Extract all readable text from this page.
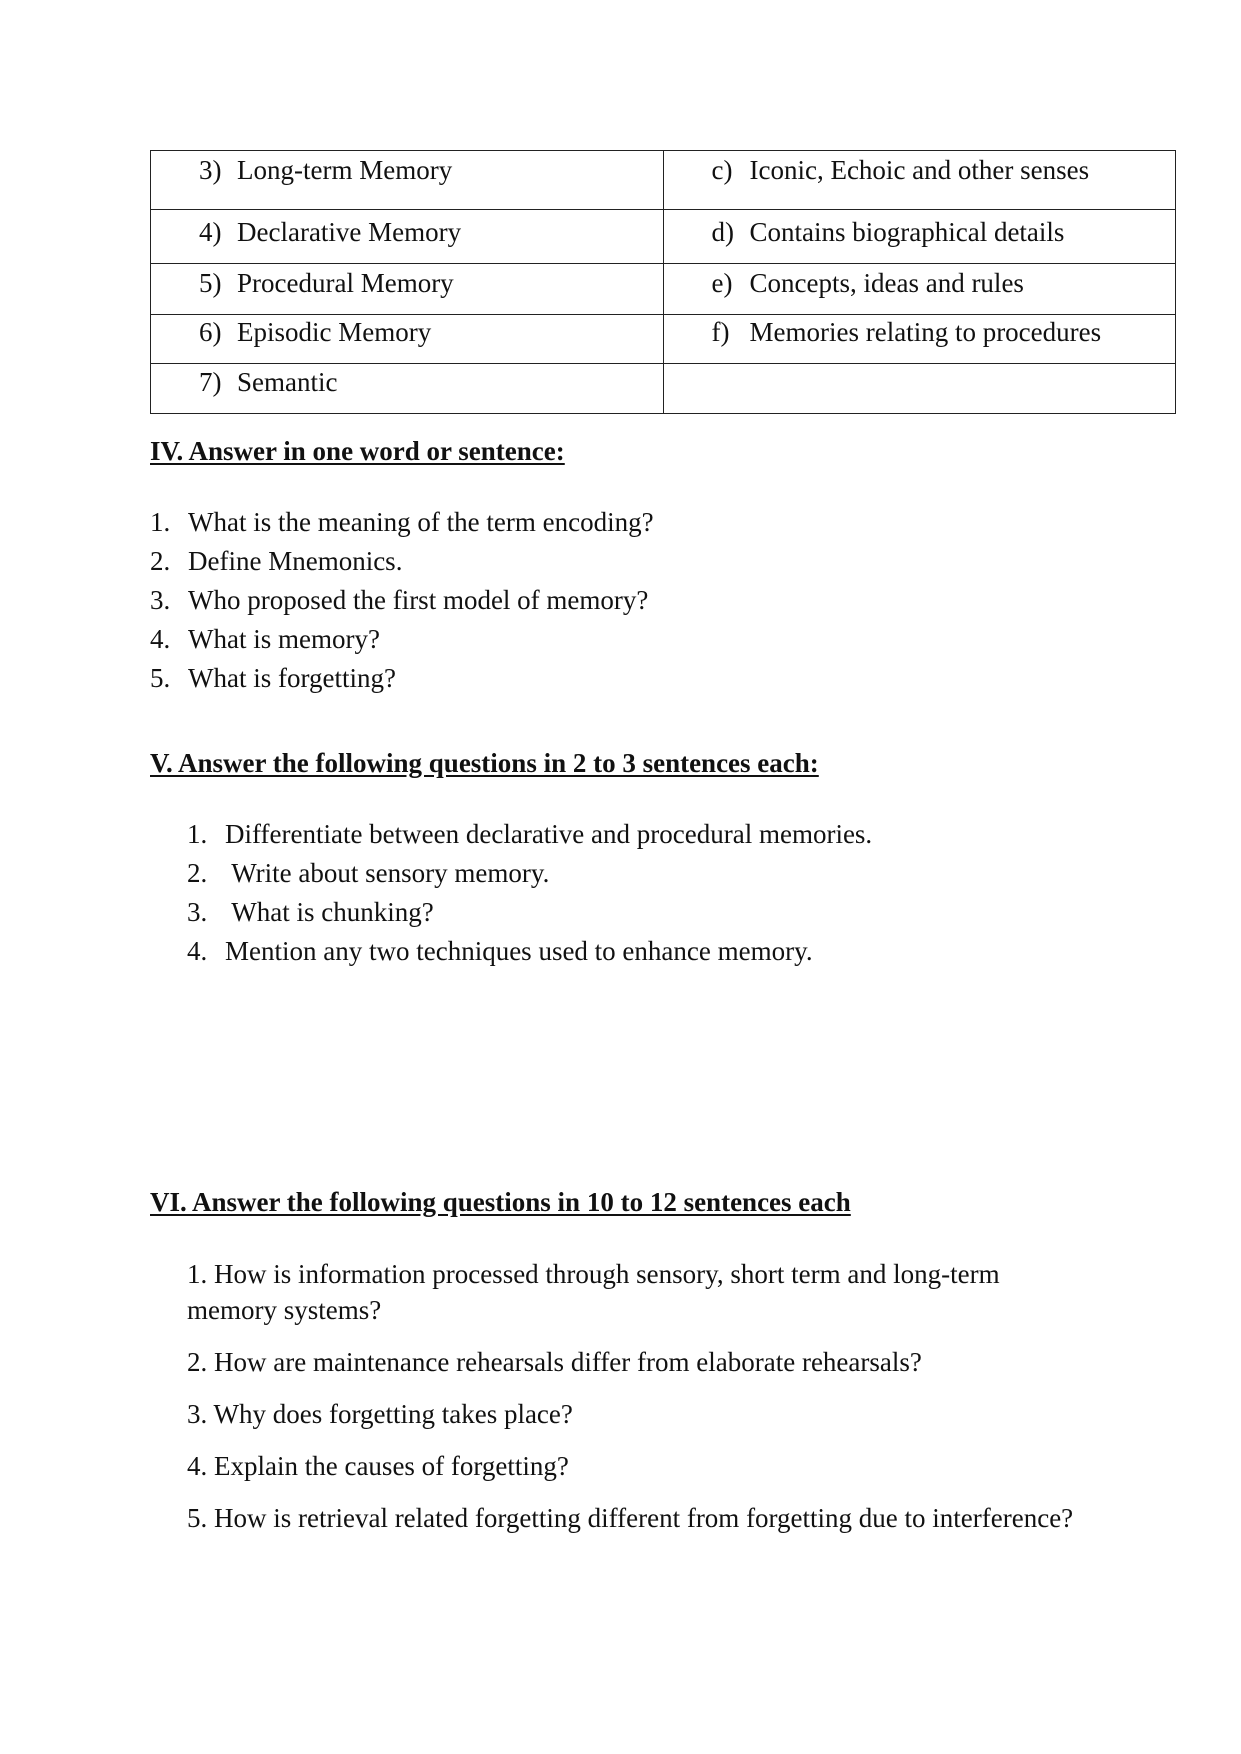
3) Long-term Memory	c) Iconic, Echoic and other senses
4) Declarative Memory	d) Contains biographical details
5) Procedural Memory	e) Concepts, ideas and rules
6) Episodic Memory	f) Memories relating to procedures
7) Semantic	
IV. Answer in one word or sentence:
1. What is the meaning of the term encoding?
2. Define Mnemonics.
3. Who proposed the first model of memory?
4. What is memory?
5. What is forgetting?
V. Answer the following questions in 2 to 3 sentences each:
1. Differentiate between declarative and procedural memories.
2. Write about sensory memory.
3. What is chunking?
4. Mention any two techniques used to enhance memory.
VI. Answer the following questions in 10 to 12 sentences each
1. How is information processed through sensory, short term and long-term memory systems?
2. How are maintenance rehearsals differ from elaborate rehearsals?
3. Why does forgetting takes place?
4. Explain the causes of forgetting?
5. How is retrieval related forgetting different from forgetting due to interference?
